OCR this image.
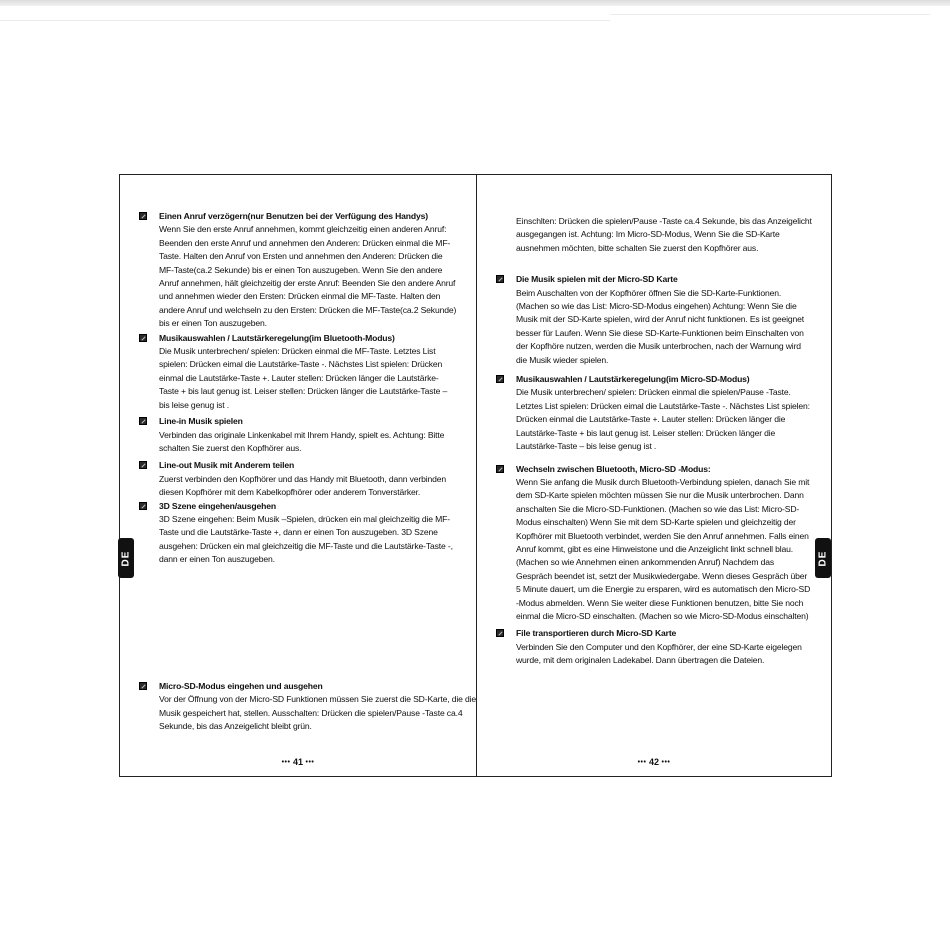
Einen Anruf verzögern(nur Benutzen bei der Verfügung des Handys)

Wenn Sie den erste Anruf annehmen, kommt gleichzeitig einen anderen Anruf: Beenden den erste Anruf und annehmen den Anderen: Drücken einmal die MF-Taste. Halten den Anruf von Ersten und annehmen den Anderen: Drücken die MF-Taste(ca.2 Sekunde) bis er einen Ton auszugeben. Wenn Sie den andere Anruf annehmen, hält gleichzeitig der erste Anruf: Beenden Sie den andere Anruf und annehmen wieder den Ersten: Drücken einmal die MF-Taste. Halten den andere Anruf und welchseln zu den Ersten: Drücken die MF-Taste(ca.2 Sekunde) bis er einen Ton auszugeben.

Musikauswahlen / Lautstärkeregelung(im Bluetooth-Modus)

Die Musik unterbrechen/ spielen: Drücken einmal die MF-Taste. Letztes List spielen: Drücken eimal die Lautstärke-Taste -. Nächstes List spielen: Drücken einmal die Lautstärke-Taste +. Lauter stellen: Drücken länger die Lautstärke-Taste + bis laut genug ist. Leiser stellen: Drücken länger die Lautstärke-Taste – bis leise genug ist .

Line-in Musik spielen

Verbinden das originale Linkenkabel mit Ihrem Handy, spielt es. Achtung: Bitte schalten Sie zuerst den Kopfhörer aus.

Line-out Musik mit Anderem teilen

Zuerst verbinden den Kopfhörer und das Handy mit Bluetooth, dann verbinden diesen Kopfhörer mit dem Kabelkopfhörer oder anderem Tonverstärker.

3D Szene eingehen/ausgehen

3D Szene eingehen: Beim Musik –Spielen, drücken ein mal gleichzeitig die MF-Taste und die Lautstärke-Taste +, dann er einen Ton auszugeben. 3D Szene ausgehen: Drücken ein mal gleichzeitig die MF-Taste und die Lautstärke-Taste -, dann er einen Ton auszugeben.

Micro-SD-Modus eingehen und ausgehen

Vor der Öffnung von der Micro-SD Funktionen müssen Sie zuerst die SD-Karte, die die Musik gespeichert hat, stellen. Ausschalten: Drücken die spielen/Pause -Taste ca.4 Sekunde, bis das Anzeigelicht bleibt grün.

••• 41 •••

Einschlten: Drücken die spielen/Pause -Taste ca.4 Sekunde, bis das Anzeigelicht ausgegangen ist. Achtung: Im Micro-SD-Modus, Wenn Sie die SD-Karte ausnehmen möchten, bitte schalten Sie zuerst den Kopfhörer aus.

Die Musik spielen mit der Micro-SD Karte

Beim Auschalten von der Kopfhörer öffnen Sie die SD-Karte-Funktionen.(Machen so wie das List: Micro-SD-Modus eingehen) Achtung: Wenn Sie die Musik mit der SD-Karte spielen, wird der Anruf nicht funktionen. Es ist geeignet besser für Laufen. Wenn Sie diese SD-Karte-Funktionen beim Einschalten von der Kopfhöre nutzen, werden die Musik unterbrochen, nach der Warnung wird die Musik wieder spielen.

Musikauswahlen / Lautstärkeregelung(im Micro-SD-Modus)

Die Musik unterbrechen/ spielen: Drücken einmal die spielen/Pause -Taste. Letztes List spielen: Drücken eimal die Lautstärke-Taste -. Nächstes List spielen: Drücken einmal die Lautstärke-Taste +. Lauter stellen: Drücken länger die Lautstärke-Taste + bis laut genug ist. Leiser stellen: Drücken länger die Lautstärke-Taste – bis leise genug ist .

Wechseln zwischen Bluetooth, Micro-SD -Modus:

Wenn Sie anfang die Musik durch Bluetooth-Verbindung spielen, danach Sie mit dem SD-Karte spielen möchten müssen Sie nur die Musik unterbrochen. Dann anschalten Sie die Micro-SD-Funktionen. (Machen so wie das List: Micro-SD-Modus einschalten) Wenn Sie mit dem SD-Karte spielen und gleichzeitig der Kopfhörer mit Bluetooth verbindet, werden Sie den Anruf annehmen. Falls einen Anruf kommt, gibt es eine Hinweistone und die Anzeiglicht linkt schnell blau.(Machen so wie Annehmen einen ankommenden Anruf) Nachdem das Gespräch beendet ist, setzt der Musikwiedergabe. Wenn dieses Gespräch über 5 Minute dauert, um die Energie zu ersparen, wird es automatisch den Micro-SD -Modus abmelden. Wenn Sie weiter diese Funktionen benutzen, bitte Sie noch einmal die Micro-SD einschalten. (Machen so wie Micro-SD-Modus einschalten)

File transportieren durch Micro-SD Karte

Verbinden Sie den Computer und den Kopfhörer, der eine SD-Karte eigelegen wurde, mit dem originalen Ladekabel. Dann übertragen die Dateien.

••• 42 •••
DE	DE
